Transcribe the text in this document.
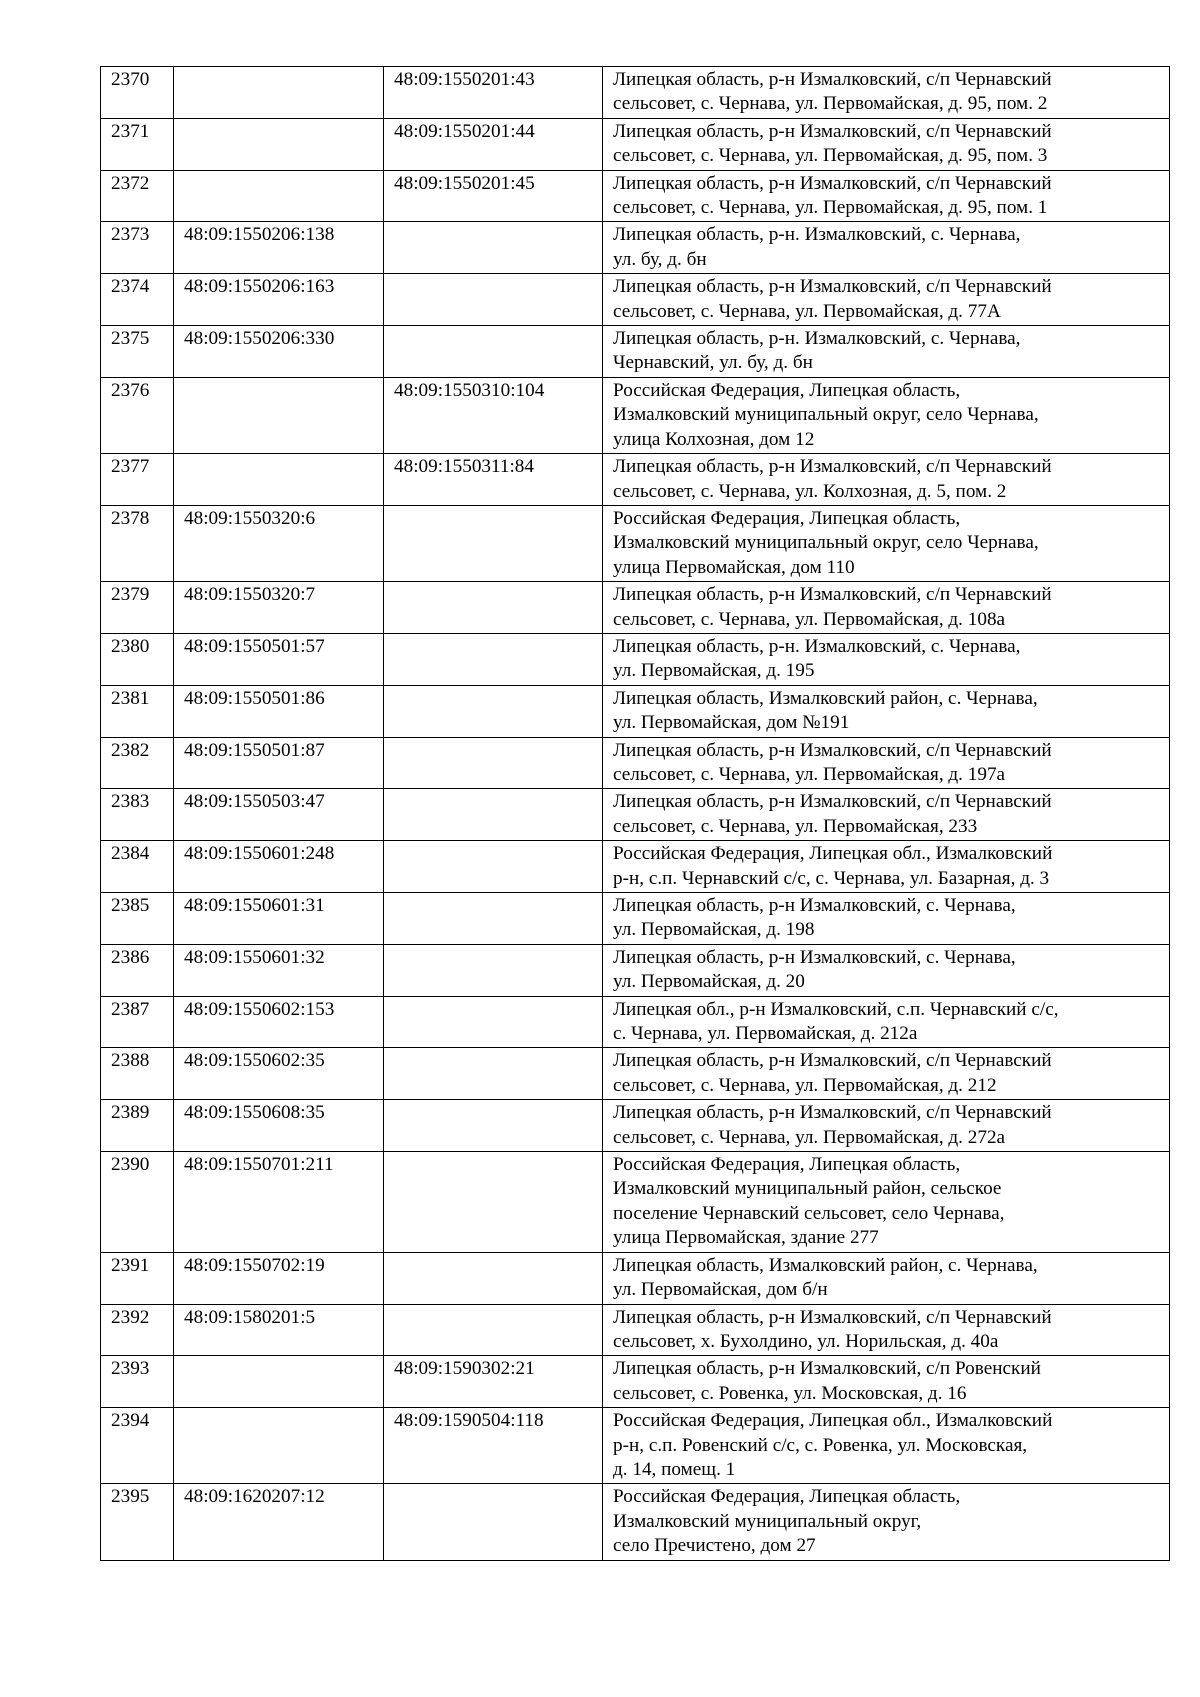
2370		48:09:1550201:43	Липецкая область, р-н Измалковский, с/п Чернавский
сельсовет, с. Чернава, ул. Первомайская, д. 95, пом. 2
2371		48:09:1550201:44	Липецкая область, р-н Измалковский, с/п Чернавский
сельсовет, с. Чернава, ул. Первомайская, д. 95, пом. 3
2372		48:09:1550201:45	Липецкая область, р-н Измалковский, с/п Чернавский
сельсовет, с. Чернава, ул. Первомайская, д. 95, пом. 1
2373	48:09:1550206:138		Липецкая область, р-н. Измалковский, с. Чернава,
ул. бу, д. бн
2374	48:09:1550206:163		Липецкая область, р-н Измалковский, с/п Чернавский
сельсовет, с. Чернава, ул. Первомайская, д. 77А
2375	48:09:1550206:330		Липецкая область, р-н. Измалковский, с. Чернава,
Чернавский, ул. бу, д. бн
2376		48:09:1550310:104	Российская Федерация, Липецкая область,
Измалковский муниципальный округ, село Чернава,
улица Колхозная, дом 12
2377		48:09:1550311:84	Липецкая область, р-н Измалковский, с/п Чернавский
сельсовет, с. Чернава, ул. Колхозная, д. 5, пом. 2
2378	48:09:1550320:6		Российская Федерация, Липецкая область,
Измалковский муниципальный округ, село Чернава,
улица Первомайская, дом 110
2379	48:09:1550320:7		Липецкая область, р-н Измалковский, с/п Чернавский
сельсовет, с. Чернава, ул. Первомайская, д. 108а
2380	48:09:1550501:57		Липецкая область, р-н. Измалковский, с. Чернава,
ул. Первомайская, д. 195
2381	48:09:1550501:86		Липецкая область, Измалковский район, с. Чернава,
ул. Первомайская, дом №191
2382	48:09:1550501:87		Липецкая область, р-н Измалковский, с/п Чернавский
сельсовет, с. Чернава, ул. Первомайская, д. 197а
2383	48:09:1550503:47		Липецкая область, р-н Измалковский, с/п Чернавский
сельсовет, с. Чернава, ул. Первомайская, 233
2384	48:09:1550601:248		Российская Федерация, Липецкая обл., Измалковский
р-н, с.п. Чернавский с/с, с. Чернава, ул. Базарная, д. 3
2385	48:09:1550601:31		Липецкая область, р-н Измалковский, с. Чернава,
ул. Первомайская, д. 198
2386	48:09:1550601:32		Липецкая область, р-н Измалковский, с. Чернава,
ул. Первомайская, д. 20
2387	48:09:1550602:153		Липецкая обл., р-н Измалковский, с.п. Чернавский с/с,
с. Чернава, ул. Первомайская, д. 212а
2388	48:09:1550602:35		Липецкая область, р-н Измалковский, с/п Чернавский
сельсовет, с. Чернава, ул. Первомайская, д. 212
2389	48:09:1550608:35		Липецкая область, р-н Измалковский, с/п Чернавский
сельсовет, с. Чернава, ул. Первомайская, д. 272а
2390	48:09:1550701:211		Российская Федерация, Липецкая область,
Измалковский муниципальный район, сельское
поселение Чернавский сельсовет, село Чернава,
улица Первомайская, здание 277
2391	48:09:1550702:19		Липецкая область, Измалковский район, с. Чернава,
ул. Первомайская, дом б/н
2392	48:09:1580201:5		Липецкая область, р-н Измалковский, с/п Чернавский
сельсовет, х. Бухолдино, ул. Норильская, д. 40а
2393		48:09:1590302:21	Липецкая область, р-н Измалковский, с/п Ровенский
сельсовет, с. Ровенка, ул. Московская, д. 16
2394		48:09:1590504:118	Российская Федерация, Липецкая обл., Измалковский
р-н, с.п. Ровенский с/с, с. Ровенка, ул. Московская,
д. 14, помещ. 1
2395	48:09:1620207:12		Российская Федерация, Липецкая область,
Измалковский муниципальный округ,
село Пречистено, дом 27
